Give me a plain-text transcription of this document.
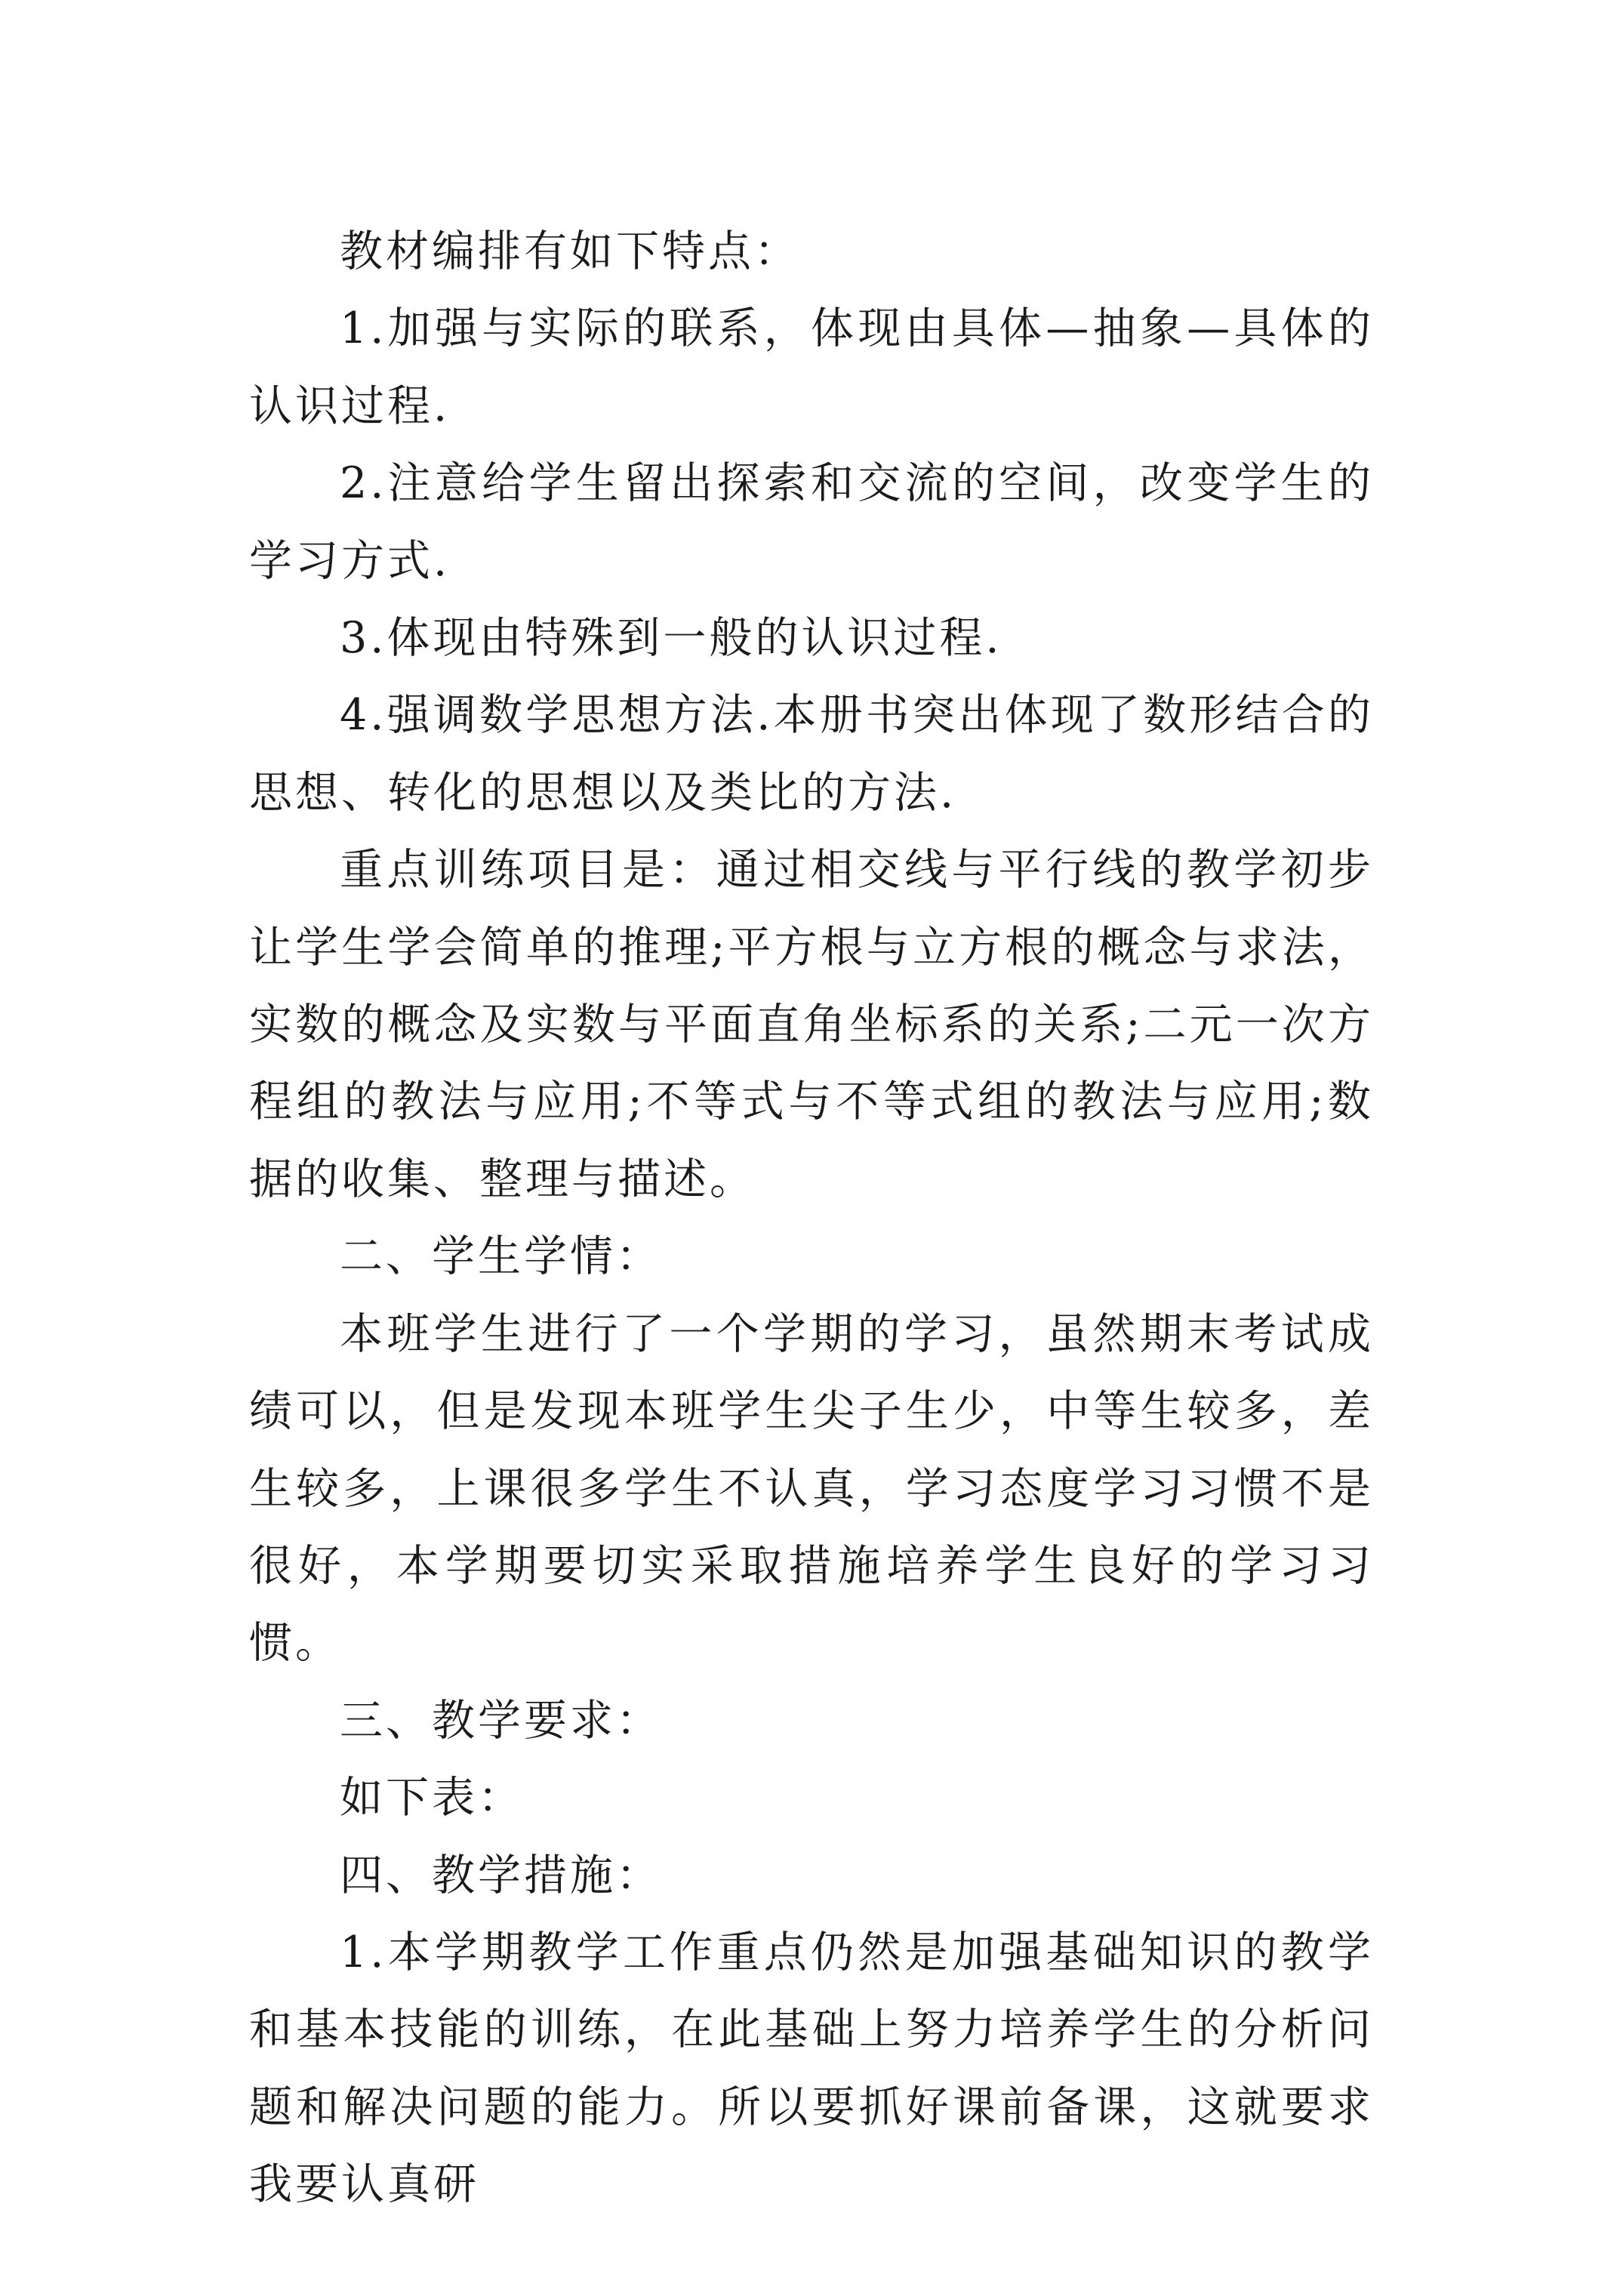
教材编排有如下特点：

1.加强与实际的联系，体现由具体—抽象—具体的认识过程.

2.注意给学生留出探索和交流的空间，改变学生的学习方式.

3.体现由特殊到一般的认识过程.

4.强调数学思想方法.本册书突出体现了数形结合的思想、转化的思想以及类比的方法.

重点训练项目是：通过相交线与平行线的教学初步让学生学会简单的推理;平方根与立方根的概念与求法，实数的概念及实数与平面直角坐标系的关系;二元一次方程组的教法与应用;不等式与不等式组的教法与应用;数据的收集、整理与描述。

二、学生学情：

本班学生进行了一个学期的学习，虽然期末考试成绩可以，但是发现本班学生尖子生少，中等生较多，差生较多，上课很多学生不认真，学习态度学习习惯不是很好，本学期要切实采取措施培养学生良好的学习习惯。

三、教学要求：

如下表：

四、教学措施：

1.本学期教学工作重点仍然是加强基础知识的教学和基本技能的训练，在此基础上努力培养学生的分析问题和解决问题的能力。所以要抓好课前备课，这就要求我要认真研
